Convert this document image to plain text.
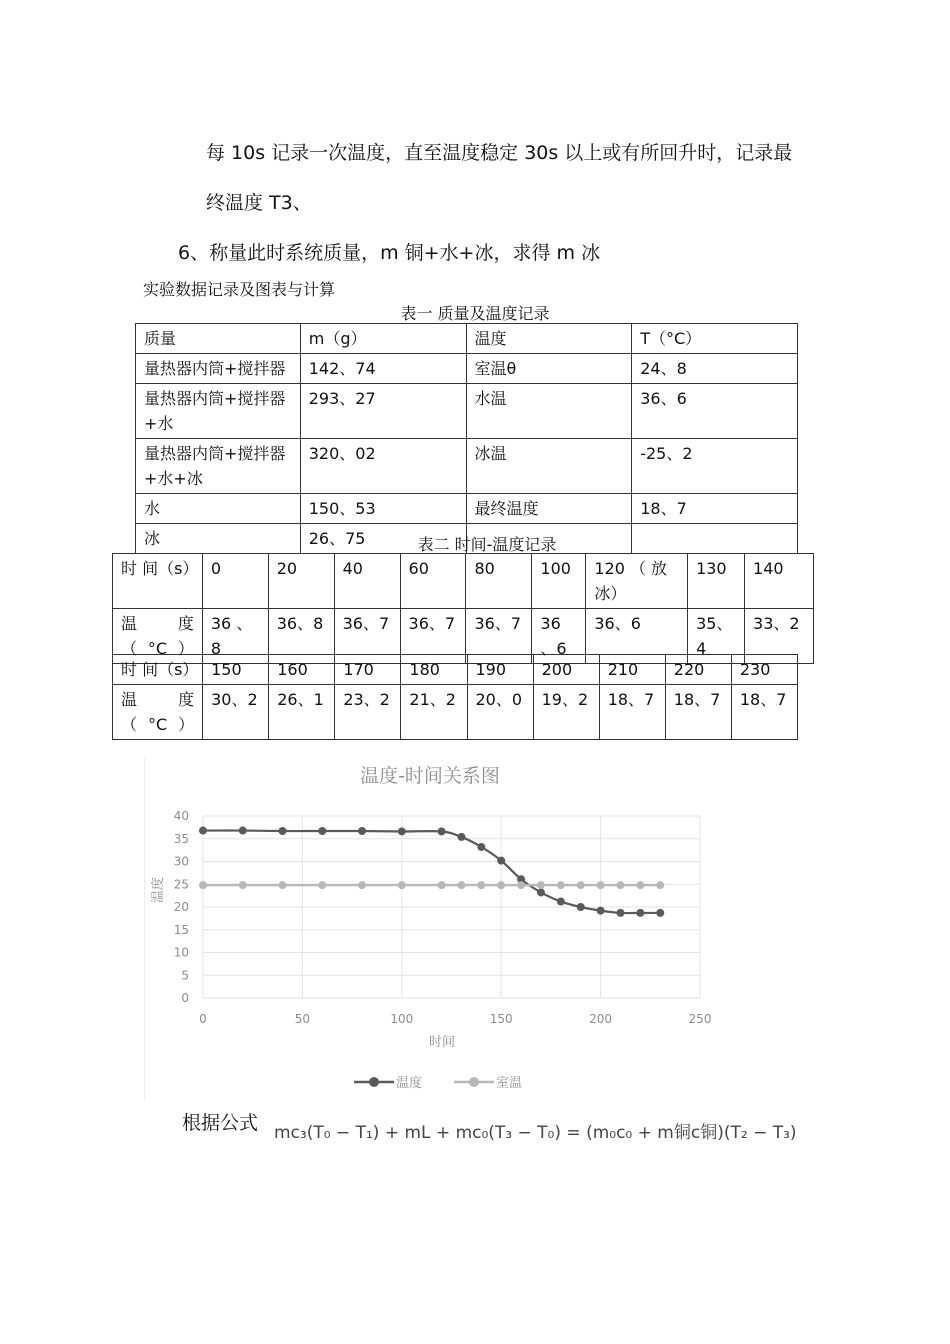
每 10s 记录一次温度，直至温度稳定 30s 以上或有所回升时，记录最
终温度 T3、
6、称量此时系统质量，m 铜+水+冰，求得 m 冰
实验数据记录及图表与计算
表一 质量及温度记录
质量	m（g）	温度	T（°C）
量热器内筒+搅拌器	142、74	室温θ	24、8
量热器内筒+搅拌器+水	293、27	水温	36、6
量热器内筒+搅拌器+水+冰	320、02	冰温	-25、2
水	150、53	最终温度	18、7
冰	26、75			表二 时间-温度记录
时 间（s）	0	20	40	60	80	100	120 （ 放冰）	130	140
温 度（°C）	36 、8	36、8	36、7	36、7	36、7	36 、6	36、6	35、4	33、2
时 间（s）	150	160	170	180	190	200	210	220	230
温 度（°C）	30、2	26、1	23、2	21、2	20、0	19、2	18、7	18、7	18、7
温度-时间关系图
0
5
10
15
20
25
30
35
40
0	50	100	150	200	250
时间
温度
温度	室温
根据公式 mc₃(T₀ − T₁) + mL + mc₀(T₃ − T₀) = (m₀c₀ + m铜c铜)(T₂ − T₃)
